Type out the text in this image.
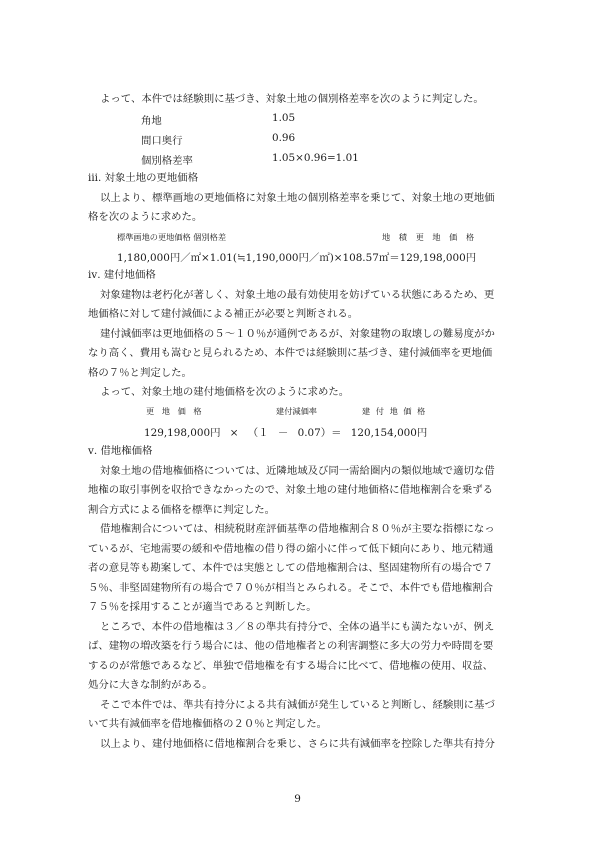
よって、本件では経験則に基づき、対象土地の個別格差率を次のように判定した。
角地	1.05
間口奥行	0.96
個別格差率	1.05×0.96=1.01
ⅲ. 対象土地の更地価格
以上より、標準画地の更地価格に対象土地の個別格差率を乗じて、対象土地の更地価
格を次のように求めた。
標準画地の更地価格 個別格差	地 積 更 地 価 格
1,180,000円／㎡×1.01(≒1,190,000円／㎡)×108.57㎡＝129,198,000円
ⅳ. 建付地価格
対象建物は老朽化が著しく、対象土地の最有効使用を妨げている状態にあるため、更
地価格に対して建付減価による補正が必要と判断される。
建付減価率は更地価格の５～１０％が通例であるが、対象建物の取壊しの難易度がか
なり高く、費用も嵩むと見られるため、本件では経験則に基づき、建付減価率を更地価
格の７％と判定した。
よって、対象土地の建付地価格を次のように求めた。
更 地 価 格	建付減価率	建 付 地 価 格
129,198,000円 × （１ － 0.07）＝ 120,154,000円
ⅴ. 借地権価格
対象土地の借地権価格については、近隣地域及び同一需給圏内の類似地域で適切な借
地権の取引事例を収拾できなかったので、対象土地の建付地価格に借地権割合を乗ずる
割合方式による価格を標準に判定した。
借地権割合については、相続税財産評価基準の借地権割合８０％が主要な指標になっ
ているが、宅地需要の緩和や借地権の借り得の縮小に伴って低下傾向にあり、地元精通
者の意見等も勘案して、本件では実態としての借地権割合は、堅固建物所有の場合で７
５％、非堅固建物所有の場合で７０％が相当とみられる。そこで、本件でも借地権割合
７５％を採用することが適当であると判断した。
ところで、本件の借地権は３／８の準共有持分で、全体の過半にも満たないが、例え
ば、建物の増改築を行う場合には、他の借地権者との利害調整に多大の労力や時間を要
するのが常態であるなど、単独で借地権を有する場合に比べて、借地権の使用、収益、
処分に大きな制約がある。
そこで本件では、準共有持分による共有減価が発生していると判断し、経験則に基づ
いて共有減価率を借地権価格の２０％と判定した。
以上より、建付地価格に借地権割合を乗じ、さらに共有減価率を控除した準共有持分
9
